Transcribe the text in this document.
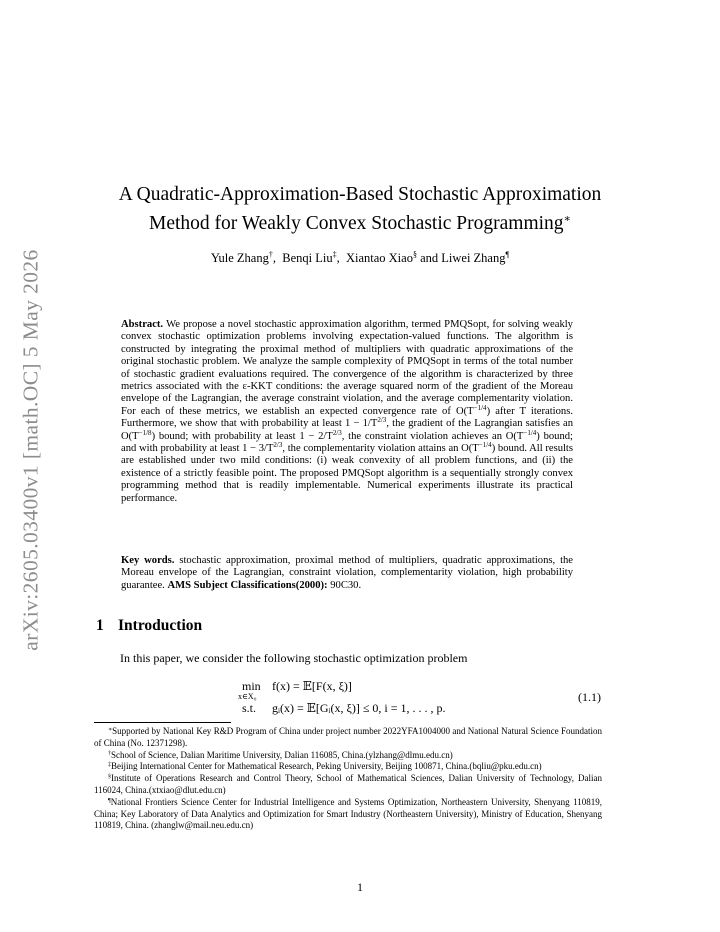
arXiv:2605.03400v1 [math.OC] 5 May 2026
A Quadratic-Approximation-Based Stochastic Approximation
Method for Weakly Convex Stochastic Programming∗
Yule Zhang†,  Benqi Liu‡,  Xiantao Xiao§ and Liwei Zhang¶
Abstract. We propose a novel stochastic approximation algorithm, termed PMQSopt, for solving weakly convex stochastic optimization problems involving expectation-valued functions. The algorithm is constructed by integrating the proximal method of multipliers with quadratic approximations of the original stochastic problem. We analyze the sample complexity of PMQSopt in terms of the total number of stochastic gradient evaluations required. The convergence of the algorithm is characterized by three metrics associated with the ε-KKT conditions: the average squared norm of the gradient of the Moreau envelope of the Lagrangian, the average constraint violation, and the average complementarity violation. For each of these metrics, we establish an expected convergence rate of $O(T^{-1/4})$ after T iterations. Furthermore, we show that with probability at least $1 - 1/T^{2/3}$, the gradient of the Lagrangian satisfies an $O(T^{-1/8})$ bound; with probability at least $1 - 2/T^{2/3}$, the constraint violation achieves an $O(T^{-1/4})$ bound; and with probability at least $1 - 3/T^{2/3}$, the complementarity violation attains an $O(T^{-1/4})$ bound. All results are established under two mild conditions: (i) weak convexity of all problem functions, and (ii) the existence of a strictly feasible point. The proposed PMQSopt algorithm is a sequentially strongly convex programming method that is readily implementable. Numerical experiments illustrate its practical performance.
Key words. stochastic approximation, proximal method of multipliers, quadratic approximations, the Moreau envelope of the Lagrangian, constraint violation, complementarity violation, high probability guarantee. AMS Subject Classifications(2000): 90C30.
1 Introduction
In this paper, we consider the following stochastic optimization problem
min
x∈X₀
f(x) = 𝔼[F(x, ξ)]
s.t. gᵢ(x) = 𝔼[Gᵢ(x, ξ)] ≤ 0, i = 1, . . . , p.
(1.1)

∗Supported by National Key R&D Program of China under project number 2022YFA1004000 and National Natural Science Foundation of China (No. 12371298).

†School of Science, Dalian Maritime University, Dalian 116085, China.(ylzhang@dlmu.edu.cn)

‡Beijing International Center for Mathematical Research, Peking University, Beijing 100871, China.(bqliu@pku.edu.cn)

§Institute of Operations Research and Control Theory, School of Mathematical Sciences, Dalian University of Technology, Dalian 116024, China.(xtxiao@dlut.edu.cn)

¶National Frontiers Science Center for Industrial Intelligence and Systems Optimization, Northeastern University, Shenyang 110819, China; Key Laboratory of Data Analytics and Optimization for Smart Industry (Northeastern University), Ministry of Education, Shenyang 110819, China. (zhanglw@mail.neu.edu.cn)

1
